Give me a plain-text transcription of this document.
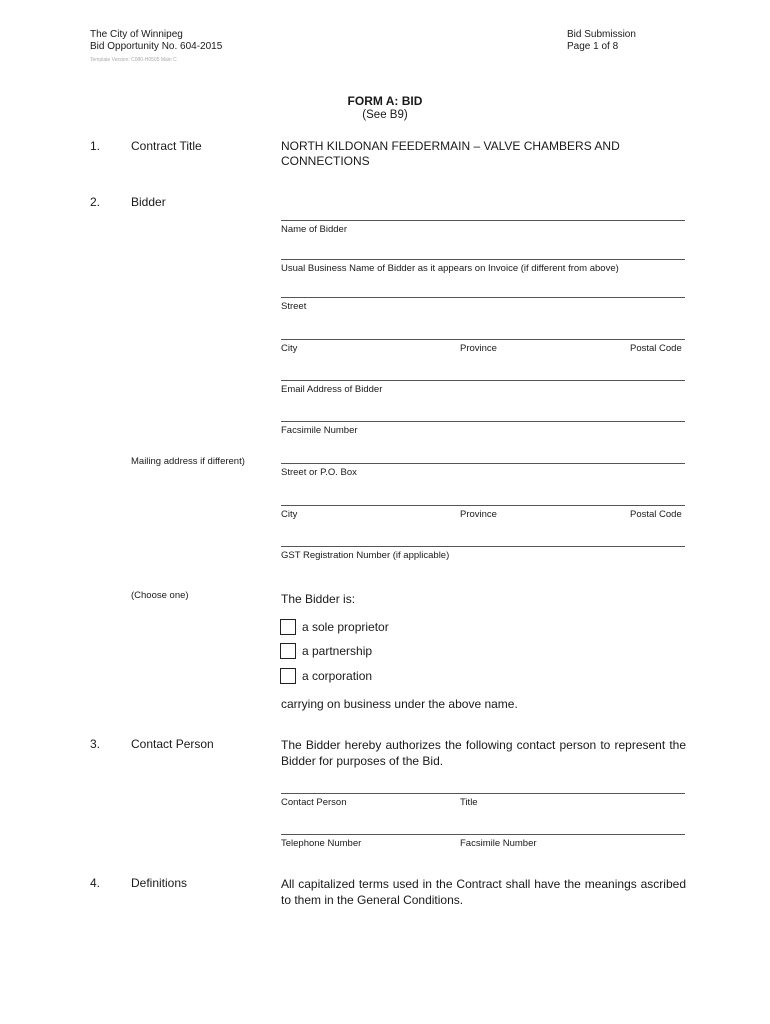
The City of Winnipeg
Bid Opportunity No. 604-2015
Template Version: C080-H0505 Main C
Bid Submission
Page 1 of 8
FORM A: BID
(See B9)
1.	Contract Title	NORTH KILDONAN FEEDERMAIN – VALVE CHAMBERS AND
CONNECTIONS
2.	Bidder
Name of Bidder
Usual Business Name of Bidder as it appears on Invoice (if different from above)
Street
City	Province	Postal Code
Email Address of Bidder
Facsimile Number
Mailing address if different)
Street or P.O. Box
City	Province	Postal Code
GST Registration Number (if applicable)
(Choose one)	The Bidder is:
a sole proprietor
a partnership
a corporation
carrying on business under the above name.
3.	Contact Person	The Bidder hereby authorizes the following contact person to represent the Bidder for purposes of the Bid.
Contact Person	Title
Telephone Number	Facsimile Number
4.	Definitions	All capitalized terms used in the Contract shall have the meanings ascribed to them in the General Conditions.
